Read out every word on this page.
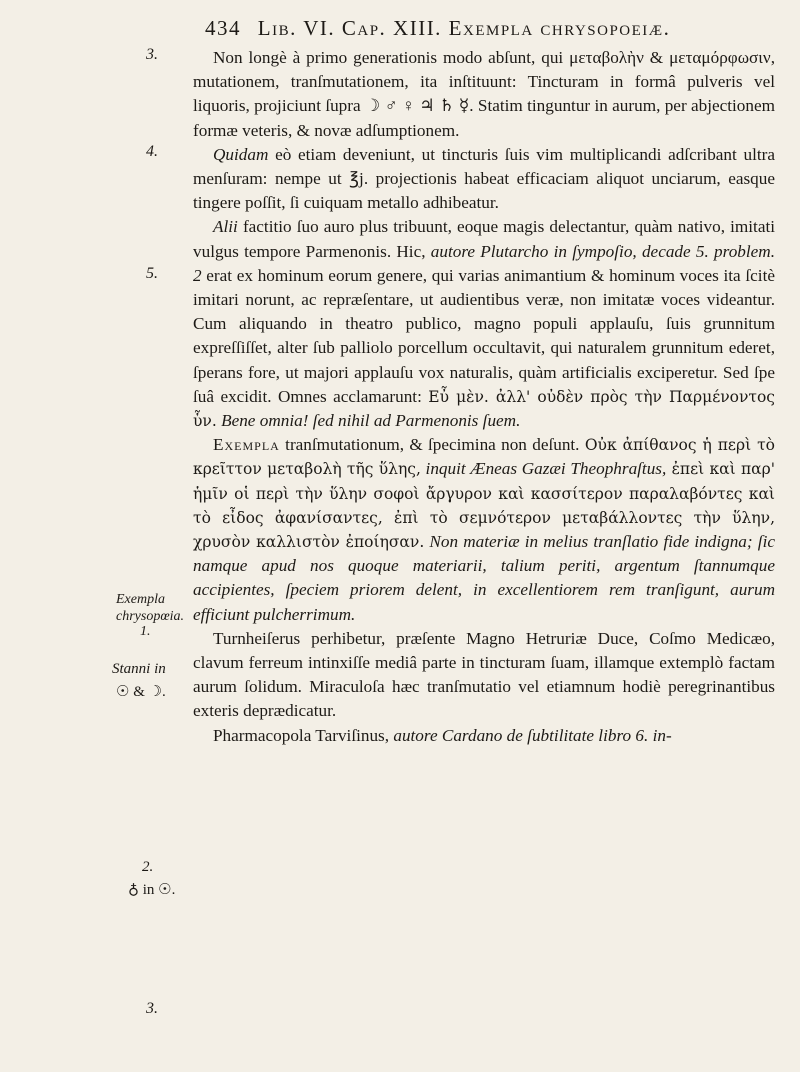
434 Lib. VI. Cap. XIII. Exempla chrysopoeiæ.
3.
4.
5.
Exempla
chrysopœia.
1.
Stanni in
☉ & ☽.
2.
♁ in ☉.
3.

Non longè à primo generationis modo abſunt, qui μεταβολὴν & μεταμόρφωσιν, mutationem, tranſmutationem, ita inſtituunt: Tincturam in formâ pulveris vel liquoris, projiciunt ſupra ☽ ♂ ♀ ♃ ♄ ☿. Statim tinguntur in aurum, per abjectionem formæ veteris, & novæ adſumptionem.

Quidam eò etiam deveniunt, ut tincturis ſuis vim multiplicandi adſcribant ultra menſuram: nempe ut ℥j. projectionis habeat efficaciam aliquot unciarum, easque tingere poſſit, ſi cuiquam metallo adhibeatur.

Alii factitio ſuo auro plus tribuunt, eoque magis delectantur, quàm nativo, imitati vulgus tempore Parmenonis. Hic, autore Plutarcho in ſympoſio, decade 5. problem. 2 erat ex hominum eorum genere, qui varias animantium & hominum voces ita ſcitè imitari norunt, ac repræſentare, ut audientibus veræ, non imitatæ voces videantur. Cum aliquando in theatro publico, magno populi applauſu, ſuis grunnitum expreſſiſſet, alter ſub palliolo porcellum occultavit, qui naturalem grunnitum ederet, ſperans fore, ut majori applauſu vox naturalis, quàm artificialis exciperetur. Sed ſpe ſuâ excidit. Omnes acclamarunt: Εὖ μὲν. ἀλλ' οὐδὲν πρὸς τὴν Παρμένοντος ὗν. Bene omnia! ſed nihil ad Parmenonis ſuem.

Exempla tranſmutationum, & ſpecimina non deſunt. Οὐκ ἀπίθανος ἡ περὶ τὸ κρεῖττον μεταβολὴ τῆς ὕλης, inquit Æneas Gazæi Theophraſtus, ἐπεὶ καὶ παρ' ἡμῖν οἱ περὶ τὴν ὕλην σοφοὶ ἄργυρον καὶ κασσίτερον παραλαβόντες καὶ τὸ εἶδος ἀφανίσαντες, ἐπὶ τὸ σεμνότερον μεταβάλλοντες τὴν ὕλην, χρυσὸν καλλιστὸν ἐποίησαν. Non materiæ in melius tranſlatio fide indigna; ſic namque apud nos quoque materiarii, talium periti, argentum ſtannumque accipientes, ſpeciem priorem delent, in excellentiorem rem tranſigunt, aurum efficiunt pulcherrimum.

Turnheiſerus perhibetur, præſente Magno Hetruriæ Duce, Coſmo Medicæo, clavum ferreum intinxiſſe mediâ parte in tincturam ſuam, illamque extemplò factam aurum ſolidum. Miraculoſa hæc tranſmutatio vel etiamnum hodiè peregrinantibus exteris deprædicatur.

Pharmacopola Tarviſinus, autore Cardano de ſubtilitate libro 6. in-
